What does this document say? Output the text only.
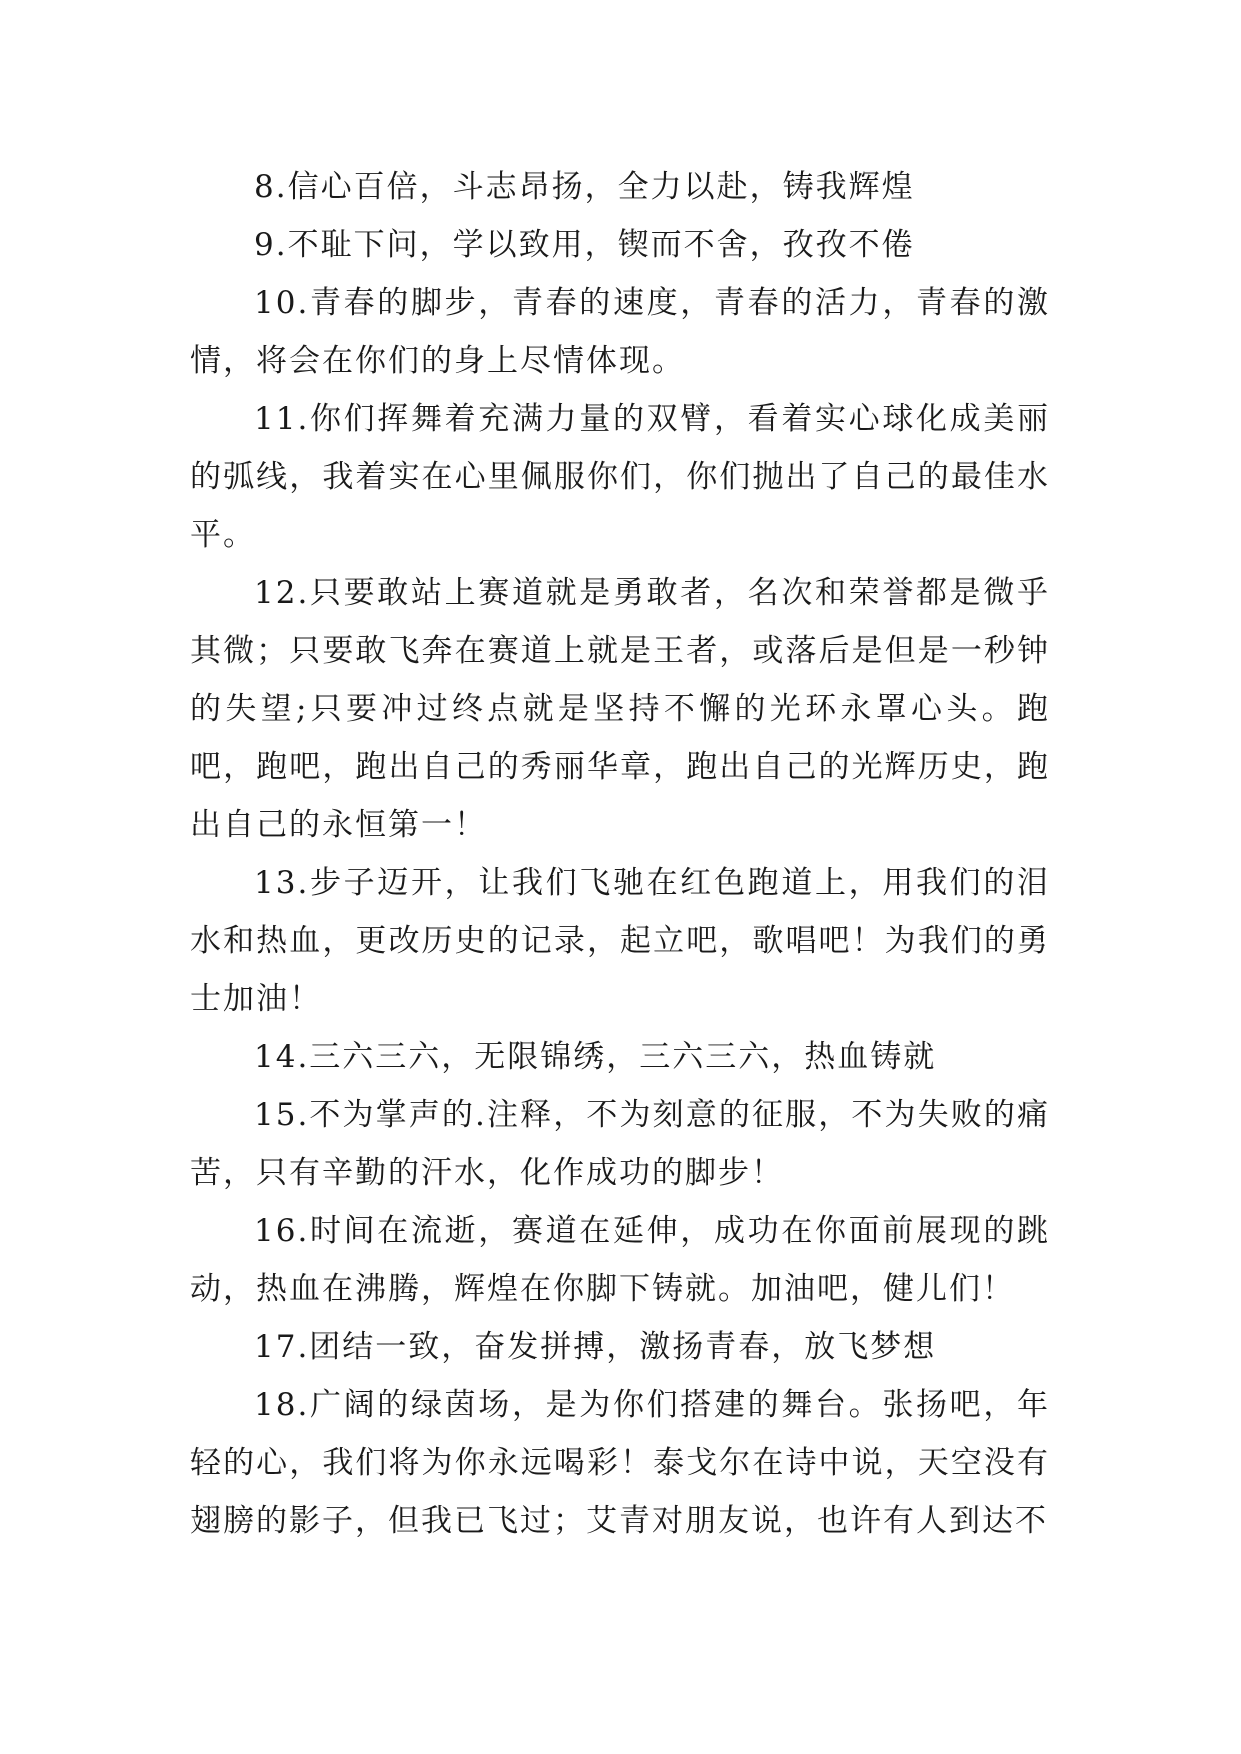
8.信心百倍，斗志昂扬，全力以赴，铸我辉煌

9.不耻下问，学以致用，锲而不舍，孜孜不倦

10.青春的脚步，青春的速度，青春的活力，青春的激情，将会在你们的身上尽情体现。

11.你们挥舞着充满力量的双臂，看着实心球化成美丽的弧线，我着实在心里佩服你们，你们抛出了自己的最佳水平。

12.只要敢站上赛道就是勇敢者，名次和荣誉都是微乎其微；只要敢飞奔在赛道上就是王者，或落后是但是一秒钟的失望;只要冲过终点就是坚持不懈的光环永罩心头。跑吧，跑吧，跑出自己的秀丽华章，跑出自己的光辉历史，跑出自己的永恒第一！

13.步子迈开，让我们飞驰在红色跑道上，用我们的泪水和热血，更改历史的记录，起立吧，歌唱吧！为我们的勇士加油！

14.三六三六，无限锦绣，三六三六，热血铸就

15.不为掌声的.注释，不为刻意的征服，不为失败的痛苦，只有辛勤的汗水，化作成功的脚步！

16.时间在流逝，赛道在延伸，成功在你面前展现的跳动，热血在沸腾，辉煌在你脚下铸就。加油吧，健儿们！

17.团结一致，奋发拼搏，激扬青春，放飞梦想

18.广阔的绿茵场，是为你们搭建的舞台。张扬吧，年轻的心，我们将为你永远喝彩！泰戈尔在诗中说，天空没有翅膀的影子，但我已飞过；艾青对朋友说，也许有人到达不
